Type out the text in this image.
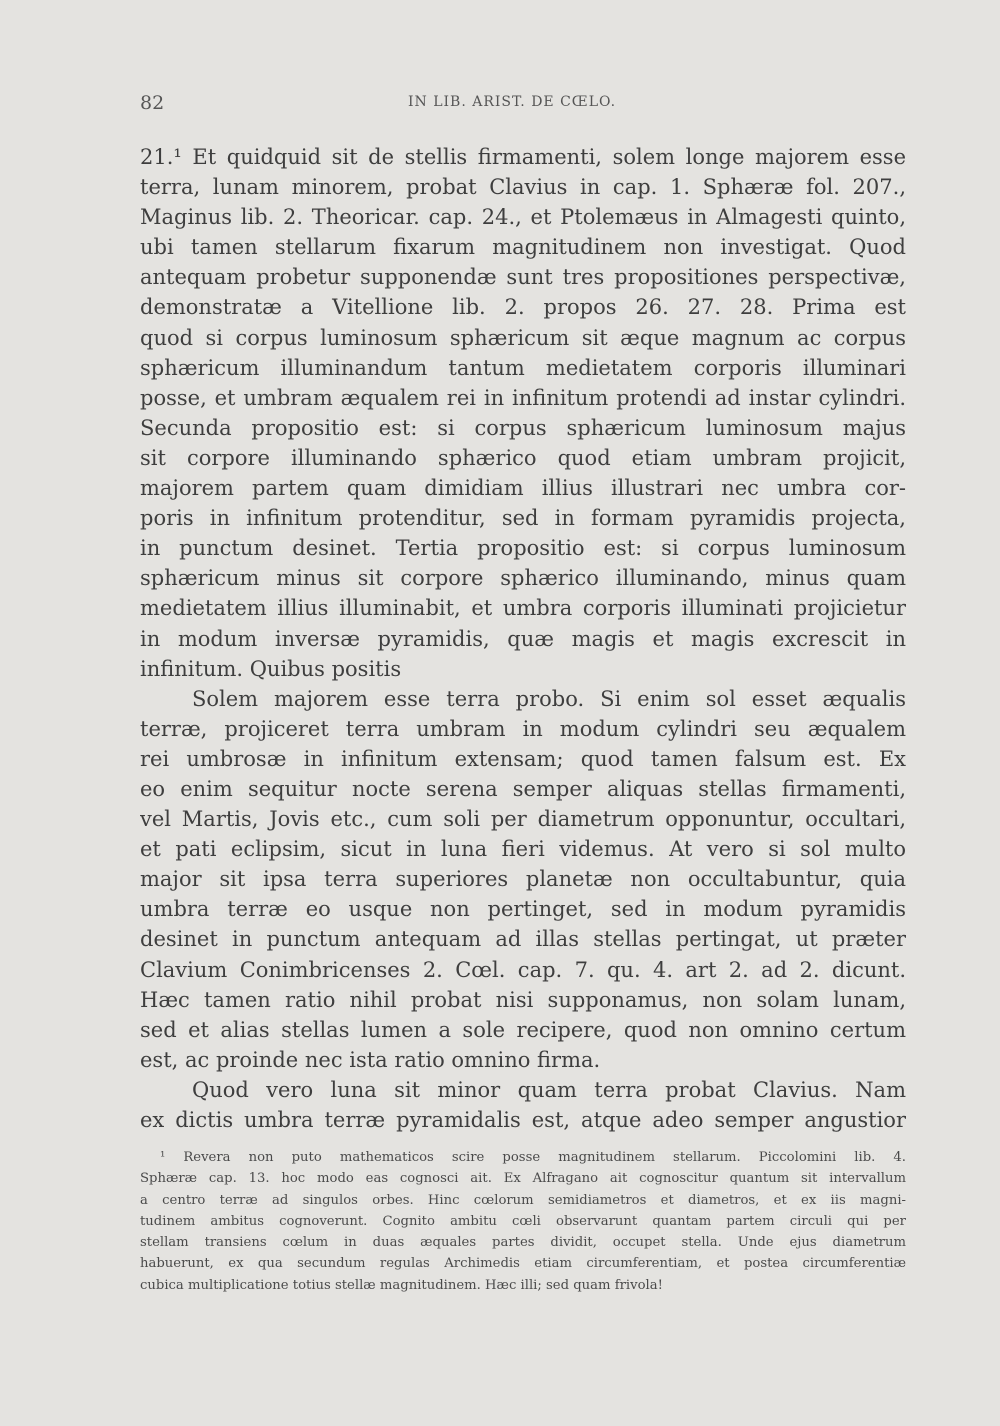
82	IN LIB. ARIST. DE CŒLO.
21.¹ Et quidquid sit de stellis firmamenti, solem longe majorem esse
terra, lunam minorem, probat Clavius in cap. 1. Sphæræ fol. 207.,
Maginus lib. 2. Theoricar. cap. 24., et Ptolemæus in Almagesti quinto,
ubi tamen stellarum fixarum magnitudinem non investigat. Quod
antequam probetur supponendæ sunt tres propositiones perspectivæ,
demonstratæ a Vitellione lib. 2. propos 26. 27. 28. Prima est
quod si corpus luminosum sphæricum sit æque magnum ac corpus
sphæricum illuminandum tantum medietatem corporis illuminari
posse, et umbram æqualem rei in infinitum protendi ad instar cylindri.
Secunda propositio est: si corpus sphæricum luminosum majus
sit corpore illuminando sphærico quod etiam umbram projicit,
majorem partem quam dimidiam illius illustrari nec umbra cor-
poris in infinitum protenditur, sed in formam pyramidis projecta,
in punctum desinet. Tertia propositio est: si corpus luminosum
sphæricum minus sit corpore sphærico illuminando, minus quam
medietatem illius illuminabit, et umbra corporis illuminati projicietur
in modum inversæ pyramidis, quæ magis et magis excrescit in
infinitum. Quibus positis
Solem majorem esse terra probo. Si enim sol esset æqualis
terræ, projiceret terra umbram in modum cylindri seu æqualem
rei umbrosæ in infinitum extensam; quod tamen falsum est. Ex
eo enim sequitur nocte serena semper aliquas stellas firmamenti,
vel Martis, Jovis etc., cum soli per diametrum opponuntur, occultari,
et pati eclipsim, sicut in luna fieri videmus. At vero si sol multo
major sit ipsa terra superiores planetæ non occultabuntur, quia
umbra terræ eo usque non pertinget, sed in modum pyramidis
desinet in punctum antequam ad illas stellas pertingat, ut præter
Clavium Conimbricenses 2. Cœl. cap. 7. qu. 4. art 2. ad 2. dicunt.
Hæc tamen ratio nihil probat nisi supponamus, non solam lunam,
sed et alias stellas lumen a sole recipere, quod non omnino certum
est, ac proinde nec ista ratio omnino firma.
Quod vero luna sit minor quam terra probat Clavius. Nam
ex dictis umbra terræ pyramidalis est, atque adeo semper angustior
¹ Revera non puto mathematicos scire posse magnitudinem stellarum. Piccolomini lib. 4.
Sphæræ cap. 13. hoc modo eas cognosci ait. Ex Alfragano ait cognoscitur quantum sit intervallum
a centro terræ ad singulos orbes. Hinc cœlorum semidiametros et diametros, et ex iis magni-
tudinem ambitus cognoverunt. Cognito ambitu cœli observarunt quantam partem circuli qui per
stellam transiens cœlum in duas æquales partes dividit, occupet stella. Unde ejus diametrum
habuerunt, ex qua secundum regulas Archimedis etiam circumferentiam, et postea circumferentiæ
cubica multiplicatione totius stellæ magnitudinem. Hæc illi; sed quam frivola!
